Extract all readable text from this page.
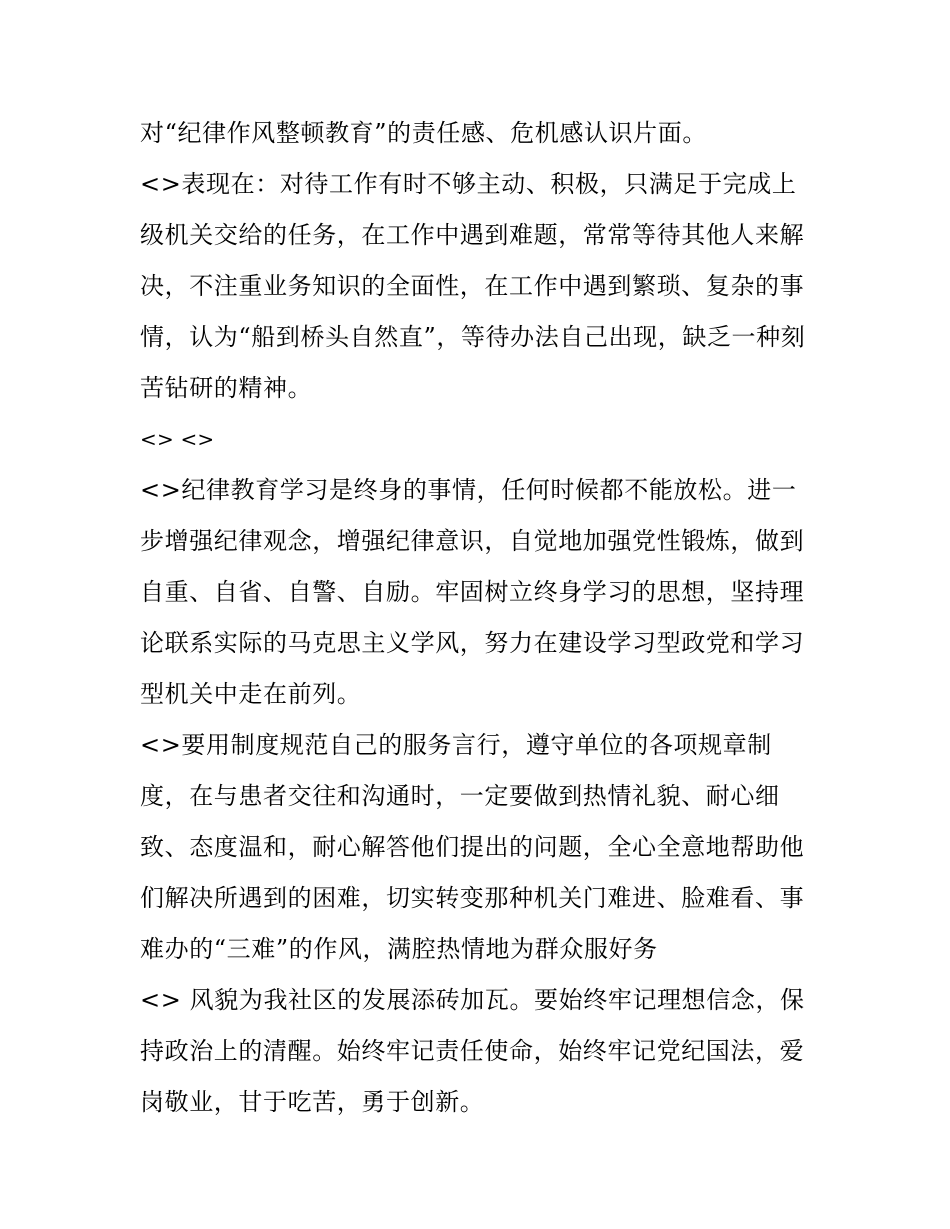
对“纪律作风整顿教育”的责任感、危机感认识片面。

<>表现在：对待工作有时不够主动、积极，只满足于完成上

级机关交给的任务，在工作中遇到难题，常常等待其他人来解

决，不注重业务知识的全面性，在工作中遇到繁琐、复杂的事

情，认为“船到桥头自然直”，等待办法自己出现，缺乏一种刻

苦钻研的精神。

<> <>

<>纪律教育学习是终身的事情，任何时候都不能放松。进一

步增强纪律观念，增强纪律意识，自觉地加强党性锻炼，做到

自重、自省、自警、自励。牢固树立终身学习的思想，坚持理

论联系实际的马克思主义学风，努力在建设学习型政党和学习

型机关中走在前列。

<>要用制度规范自己的服务言行，遵守单位的各项规章制

度，在与患者交往和沟通时，一定要做到热情礼貌、耐心细

致、态度温和，耐心解答他们提出的问题，全心全意地帮助他

们解决所遇到的困难，切实转变那种机关门难进、脸难看、事

难办的“三难”的作风，满腔热情地为群众服好务

<> 风貌为我社区的发展添砖加瓦。要始终牢记理想信念，保

持政治上的清醒。始终牢记责任使命，始终牢记党纪国法，爱

岗敬业，甘于吃苦，勇于创新。
